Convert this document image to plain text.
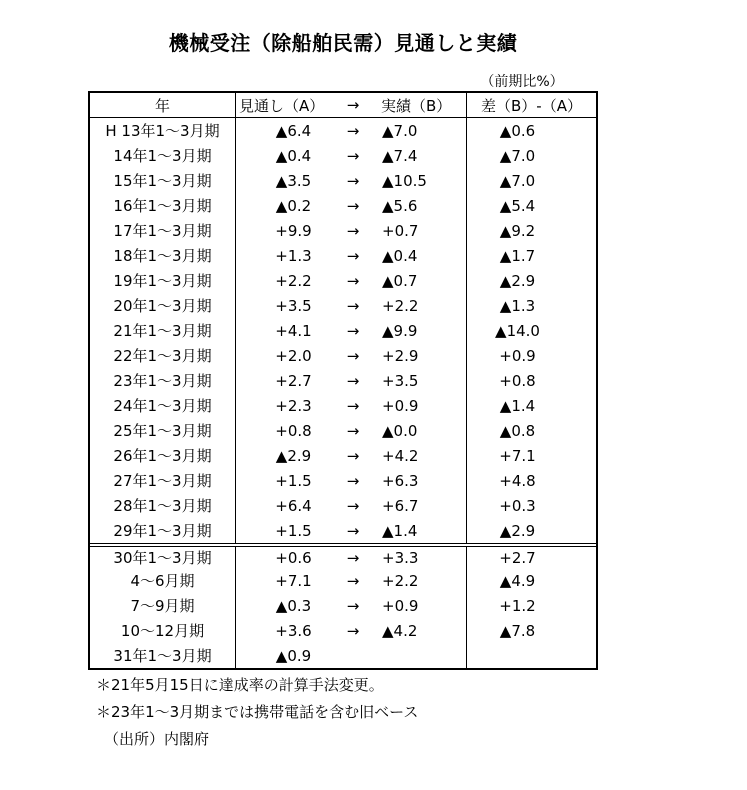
機械受注（除船舶民需）見通しと実績
（前期比%）
年	見通し（A）	→	実績（B）	差（B）-（A）
H 13年1～3月期	▲6.4	→	▲7.0	▲0.6
14年1～3月期	▲0.4	→	▲7.4	▲7.0
15年1～3月期	▲3.5	→	▲10.5	▲7.0
16年1～3月期	▲0.2	→	▲5.6	▲5.4
17年1～3月期	+9.9	→	+0.7	▲9.2
18年1～3月期	+1.3	→	▲0.4	▲1.7
19年1～3月期	+2.2	→	▲0.7	▲2.9
20年1～3月期	+3.5	→	+2.2	▲1.3
21年1～3月期	+4.1	→	▲9.9	▲14.0
22年1～3月期	+2.0	→	+2.9	+0.9
23年1～3月期	+2.7	→	+3.5	+0.8
24年1～3月期	+2.3	→	+0.9	▲1.4
25年1～3月期	+0.8	→	▲0.0	▲0.8
26年1～3月期	▲2.9	→	+4.2	+7.1
27年1～3月期	+1.5	→	+6.3	+4.8
28年1～3月期	+6.4	→	+6.7	+0.3
29年1～3月期	+1.5	→	▲1.4	▲2.9
30年1～3月期	+0.6	→	+3.3	+2.7
4～6月期	+7.1	→	+2.2	▲4.9
7～9月期	▲0.3	→	+0.9	+1.2
10～12月期	+3.6	→	▲4.2	▲7.8
31年1～3月期	▲0.9
＊21年5月15日に達成率の計算手法変更。
＊23年1～3月期までは携帯電話を含む旧ベース
（出所）内閣府
